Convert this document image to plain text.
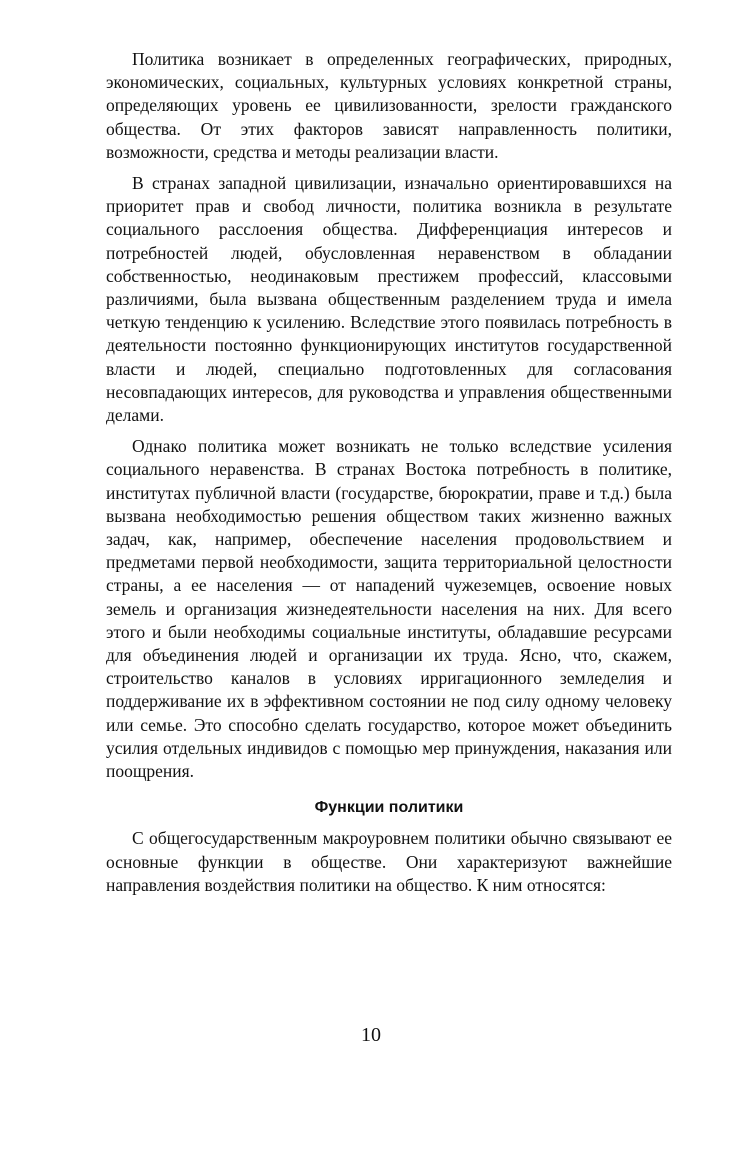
Политика возникает в определенных географических, природных, экономических, социальных, культурных условиях конкретной страны, определяющих уровень ее цивилизованности, зрелости гражданского общества. От этих факторов зависят направленность политики, возможности, средства и методы реализации власти.

В странах западной цивилизации, изначально ориентировавшихся на приоритет прав и свобод личности, политика возникла в результате социального расслоения общества. Дифференциация интересов и потребностей людей, обусловленная неравенством в обладании собственностью, неодинаковым престижем профессий, классовыми различиями, была вызвана общественным разделением труда и имела четкую тенденцию к усилению. Вследствие этого появилась потребность в деятельности постоянно функционирующих институтов государственной власти и людей, специально подготовленных для согласования несовпадающих интересов, для руководства и управления общественными делами.

Однако политика может возникать не только вследствие усиления социального неравенства. В странах Востока потребность в политике, институтах публичной власти (государстве, бюрократии, праве и т.д.) была вызвана необходимостью решения обществом таких жизненно важных задач, как, например, обеспечение населения продовольствием и предметами первой необходимости, защита территориальной целостности страны, а ее населения — от нападений чужеземцев, освоение новых земель и организация жизнедеятельности населения на них. Для всего этого и были необходимы социальные институты, обладавшие ресурсами для объединения людей и организации их труда. Ясно, что, скажем, строительство каналов в условиях ирригационного земледелия и поддерживание их в эффективном состоянии не под силу одному человеку или семье. Это способно сделать государство, которое может объединить усилия отдельных индивидов с помощью мер принуждения, наказания или поощрения.

Функции политики

С общегосударственным макроуровнем политики обычно связывают ее основные функции в обществе. Они характеризуют важнейшие направления воздействия политики на общество. К ним относятся:

10
